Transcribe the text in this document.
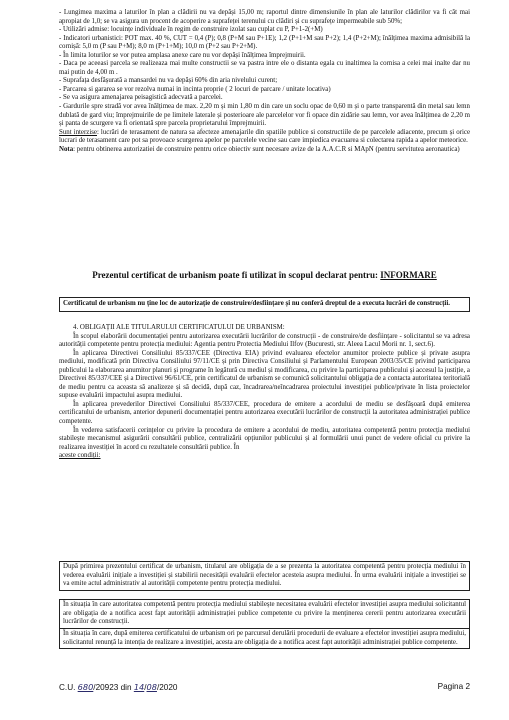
- Lungimea maxima a laturilor în plan a clădirii nu va depăși 15,00 m; raportul dintre dimensiunile în plan ale laturilor clădirilor va fi cât mai apropiat de 1,0; se va asigura un procent de acoperire a suprafeței terenului cu clădiri și cu suprafețe impermeabile sub 50%;

- Utilizări admise: locuințe individuale în regim de construire izolat sau cuplat cu P, P+1-2(+M)

- Indicatori urbanistici: POT max. 40 %, CUT = 0,4 (P); 0,8 (P+M sau P+1E); 1,2 (P+1+M sau P+2); 1,4 (P+2+M); înălțimea maxima admisibilă la cornișă: 5,0 m (P sau P+M); 8,0 m (P+1+M); 10,0 m (P+2 sau P+2+M).

- În limita loturilor se vor putea amplasa anexe care nu vor depăși înălțimea împrejmuirii.

- Daca pe aceeasi parcela se realizeaza mai multe constructii se va pastra intre ele o distanta egala cu inaltimea la cornisa a celei mai inalte dar nu mai putin de 4,00 m .

- Suprafața desfășurată a mansardei nu va depăși 60% din aria nivelului curent;

- Parcarea si gararea se vor rezolva numai in incinta proprie ( 2 locuri de parcare / unitate locativa)

- Se va asigura amenajarea peisagistică adecvată a parcelei.

- Gardurile spre stradă vor avea înălțimea de max. 2,20 m și min 1,80 m din care un soclu opac de 0,60 m și o parte transparentă din metal sau lemn dublată de gard viu; împrejmuirile de pe limitele laterale și posterioare ale parcelelor vor fi opace din zidărie sau lemn, vor avea înălțimea de 2,20 m și panta de scurgere va fi orientată spre parcela proprietarului împrejmuirii.

Sunt interzise: lucrări de terasament de natura sa afecteze amenajarile din spatiile publice si constructiile de pe parcelele adiacente, precum și orice lucrari de terasament care pot sa provoace scurgerea apelor pe parcelele vecine sau care impiedica evacuarea si colectarea rapida a apelor meteorice.

Nota: pentru obtinerea autorizatiei de construire pentru orice obiectiv sunt necesare avize de la A.A.C.R si MApN (pentru servitutea aeronautica)

Prezentul certificat de urbanism poate fi utilizat în scopul declarat pentru: INFORMARE
Certificatul de urbanism nu ține loc de autorizație de construire/desființare și nu conferă dreptul de a executa lucrări de construcții.

4. OBLIGAȚII ALE TITULARULUI CERTIFICATULUI DE URBANISM:

În scopul elaborării documentației pentru autorizarea executării lucrărilor de construcții - de construire/de desființare - solicitantul se va adresa autorității competente pentru protecția mediului: Agentia pentru Protectia Mediului Ilfov (Bucuresti, str. Aleea Lacul Morii nr. 1, sect.6).

În aplicarea Directivei Consiliului 85/337/CEE (Directiva EIA) privind evaluarea efectelor anumitor proiecte publice și private asupra mediului, modificată prin Directiva Consiliului 97/11/CE și prin Directiva Consiliului și Parlamentului European 2003/35/CE privind participarea publicului la elaborarea anumitor planuri și programe în legătură cu mediul și modificarea, cu privire la participarea publicului și accesul la justiție, a Directivei 85/337/CEE și a Directivei 96/61/CE, prin certificatul de urbanism se comunică solicitantului obligația de a contacta autoritatea teritorială de mediu pentru ca aceasta să analizeze și să decidă, după caz, încadrarea/neîncadrarea proiectului investiției publice/private în lista proiectelor supuse evaluării impactului asupra mediului.

În aplicarea prevederilor Directivei Consiliului 85/337/CEE, procedura de emitere a acordului de mediu se desfășoară după emiterea certificatului de urbanism, anterior depunerii documentației pentru autorizarea executării lucrărilor de construcții la autoritatea administrației publice competente.

În vederea satisfacerii cerințelor cu privire la procedura de emitere a acordului de mediu, autoritatea competentă pentru protecția mediului stabilește mecanismul asigurării consultării publice, centralizării opțiunilor publicului și al formulării unui punct de vedere oficial cu privire la realizarea investiției în acord cu rezultatele consultării publice. În

aceste condiții:

După primirea prezentului certificat de urbanism, titularul are obligația de a se prezenta la autoritatea competentă pentru protecția mediului în vederea evaluării inițiale a investiției și stabilirii necesității evaluării efectelor acesteia asupra mediului. În urma evaluării inițiale a investiției se va emite actul administrativ al autorității competente pentru protecția mediului.
În situația în care autoritatea competentă pentru protecția mediului stabilește necesitatea evaluării efectelor investiției asupra mediului solicitantul are obligația de a notifica acest fapt autorității administrației publice competente cu privire la menținerea cererii pentru autorizarea executării lucrărilor de construcții.
În situația în care, după emiterea certificatului de urbanism ori pe parcursul derulării procedurii de evaluare a efectelor investiției asupra mediului, solicitantul renunță la intenția de realizare a investiției, acesta are obligația de a notifica acest fapt autorității administrației publice competente.
C.U. 680/20923 din 14/08/2020	Pagina 2
